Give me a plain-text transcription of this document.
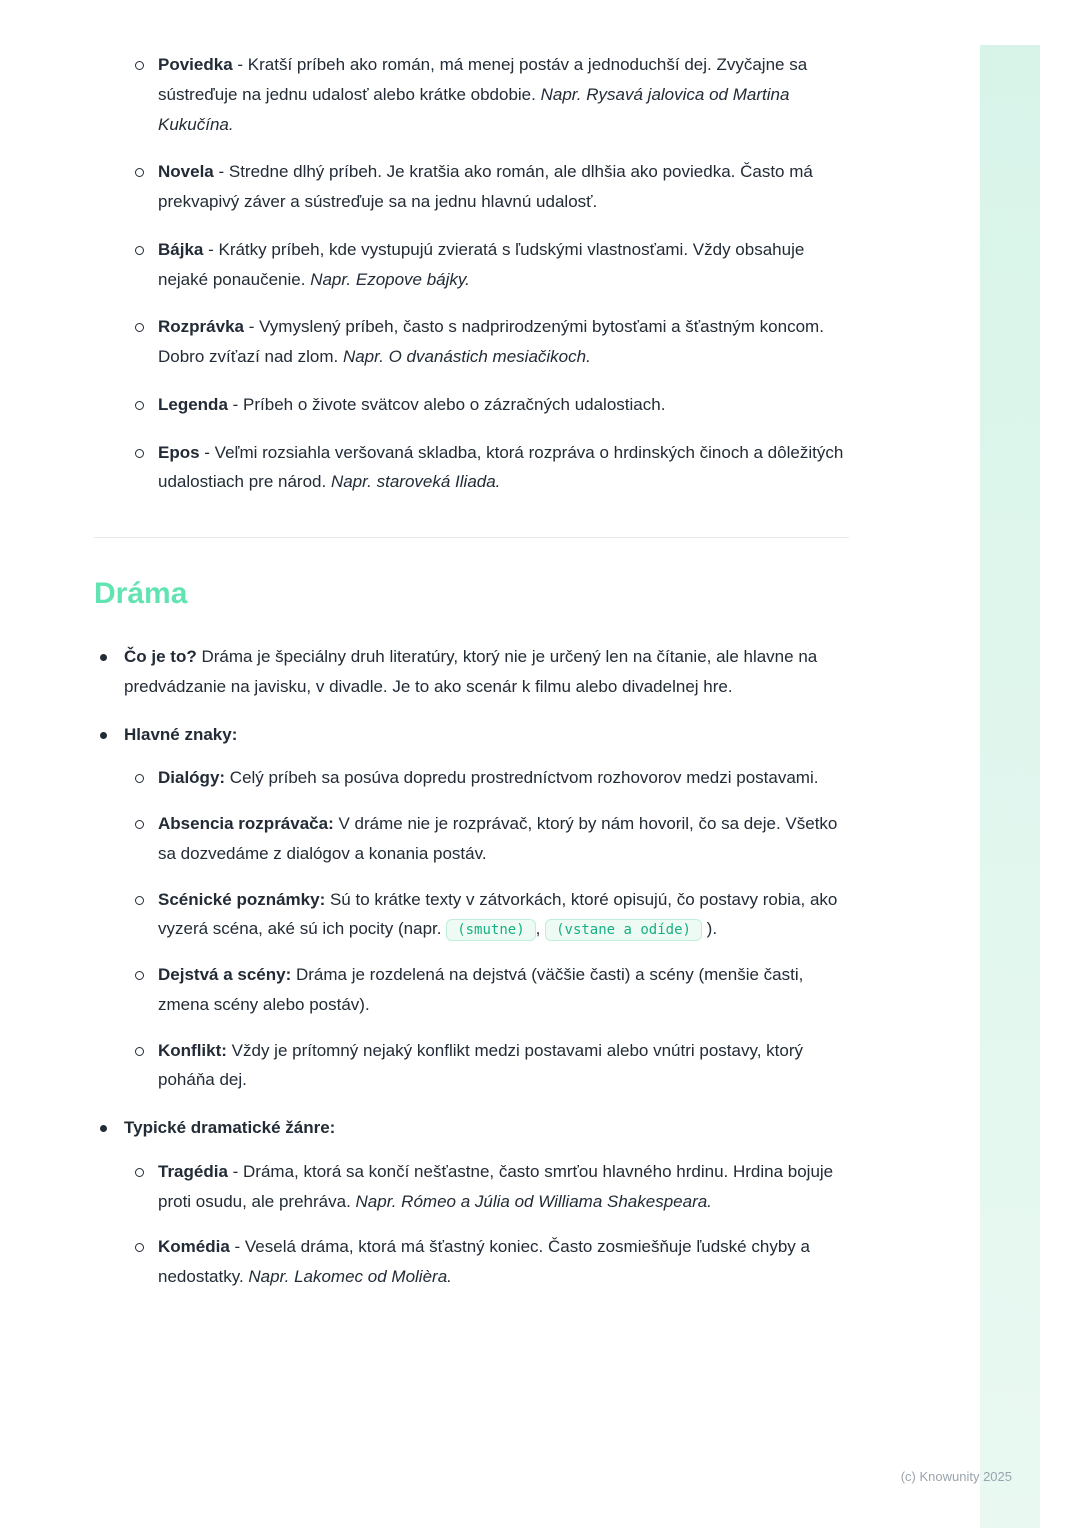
Poviedka - Kratší príbeh ako román, má menej postáv a jednoduchší dej. Zvyčajne sa sústreďuje na jednu udalosť alebo krátke obdobie. Napr. Rysavá jalovica od Martina Kukučína.
Novela - Stredne dlhý príbeh. Je kratšia ako román, ale dlhšia ako poviedka. Často má prekvapivý záver a sústreďuje sa na jednu hlavnú udalosť.
Bájka - Krátky príbeh, kde vystupujú zvieratá s ľudskými vlastnosťami. Vždy obsahuje nejaké ponaučenie. Napr. Ezopove bájky.
Rozprávka - Vymyslený príbeh, často s nadprirodzenými bytosťami a šťastným koncom. Dobro zvíťazí nad zlom. Napr. O dvanástich mesiačikoch.
Legenda - Príbeh o živote svätcov alebo o zázračných udalostiach.
Epos - Veľmi rozsiahla veršovaná skladba, ktorá rozpráva o hrdinských činoch a dôležitých udalostiach pre národ. Napr. staroveká Iliada.
Dráma
Čo je to? Dráma je špeciálny druh literatúry, ktorý nie je určený len na čítanie, ale hlavne na predvádzanie na javisku, v divadle. Je to ako scenár k filmu alebo divadelnej hre.
Hlavné znaky:
Dialógy: Celý príbeh sa posúva dopredu prostredníctvom rozhovorov medzi postavami.
Absencia rozprávača: V dráme nie je rozprávač, ktorý by nám hovoril, čo sa deje. Všetko sa dozvedáme z dialógov a konania postáv.
Scénické poznámky: Sú to krátke texty v zátvorkách, ktoré opisujú, čo postavy robia, ako vyzerá scéna, aké sú ich pocity (napr. (smutne) , (vstane a odíde) ).
Dejstvá a scény: Dráma je rozdelená na dejstvá (väčšie časti) a scény (menšie časti, zmena scény alebo postáv).
Konflikt: Vždy je prítomný nejaký konflikt medzi postavami alebo vnútri postavy, ktorý poháňa dej.
Typické dramatické žánre:
Tragédia - Dráma, ktorá sa končí nešťastne, často smrťou hlavného hrdinu. Hrdina bojuje proti osudu, ale prehráva. Napr. Rómeo a Júlia od Williama Shakespeara.
Komédia - Veselá dráma, ktorá má šťastný koniec. Často zosmiešňuje ľudské chyby a nedostatky. Napr. Lakomec od Molièra.
(c) Knowunity 2025
